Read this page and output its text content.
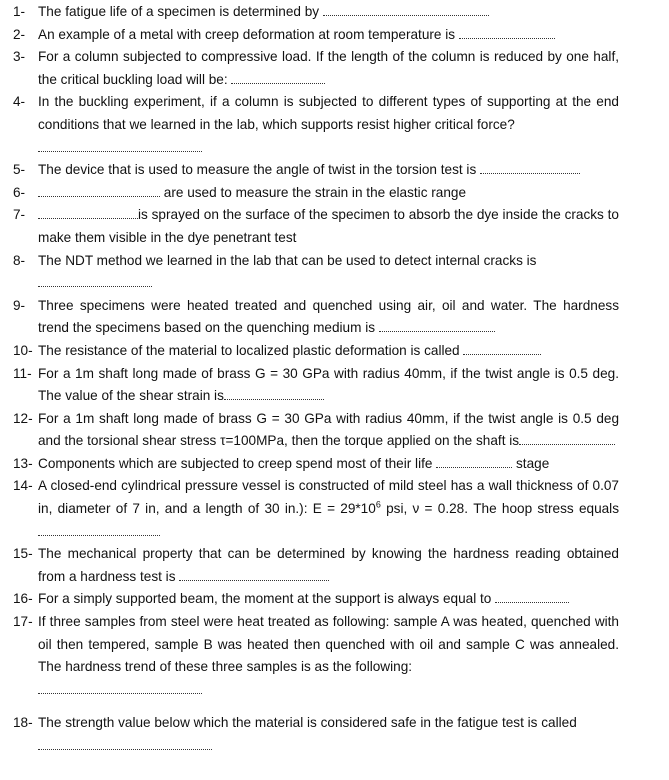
1- The fatigue life of a specimen is determined by
2- An example of a metal with creep deformation at room temperature is
3- For a column subjected to compressive load. If the length of the column is reduced by one half, the critical buckling load will be:
4- In the buckling experiment, if a column is subjected to different types of supporting at the end conditions that we learned in the lab, which supports resist higher critical force?
5- The device that is used to measure the angle of twist in the torsion test is
6-	are used to measure the strain in the elastic range
7-	is sprayed on the surface of the specimen to absorb the dye inside the cracks to make them visible in the dye penetrant test
8- The NDT method we learned in the lab that can be used to detect internal cracks is
9- Three specimens were heated treated and quenched using air, oil and water. The hardness trend the specimens based on the quenching medium is
10- The resistance of the material to localized plastic deformation is called
11- For a 1m shaft long made of brass G = 30 GPa with radius 40mm, if the twist angle is 0.5 deg. The value of the shear strain is
12- For a 1m shaft long made of brass G = 30 GPa with radius 40mm, if the twist angle is 0.5 deg and the torsional shear stress τ=100MPa, then the torque applied on the shaft is
13- Components which are subjected to creep spend most of their life	stage
14- A closed-end cylindrical pressure vessel is constructed of mild steel has a wall thickness of 0.07 in, diameter of 7 in, and a length of 30 in.): $E = 29*10^6$ psi, ν = 0.28. The hoop stress equals
15- The mechanical property that can be determined by knowing the hardness reading obtained from a hardness test is
16- For a simply supported beam, the moment at the support is always equal to
17- If three samples from steel were heat treated as following: sample A was heated, quenched with oil then tempered, sample B was heated then quenched with oil and sample C was annealed. The hardness trend of these three samples is as the following:
18- The strength value below which the material is considered safe in the fatigue test is called
